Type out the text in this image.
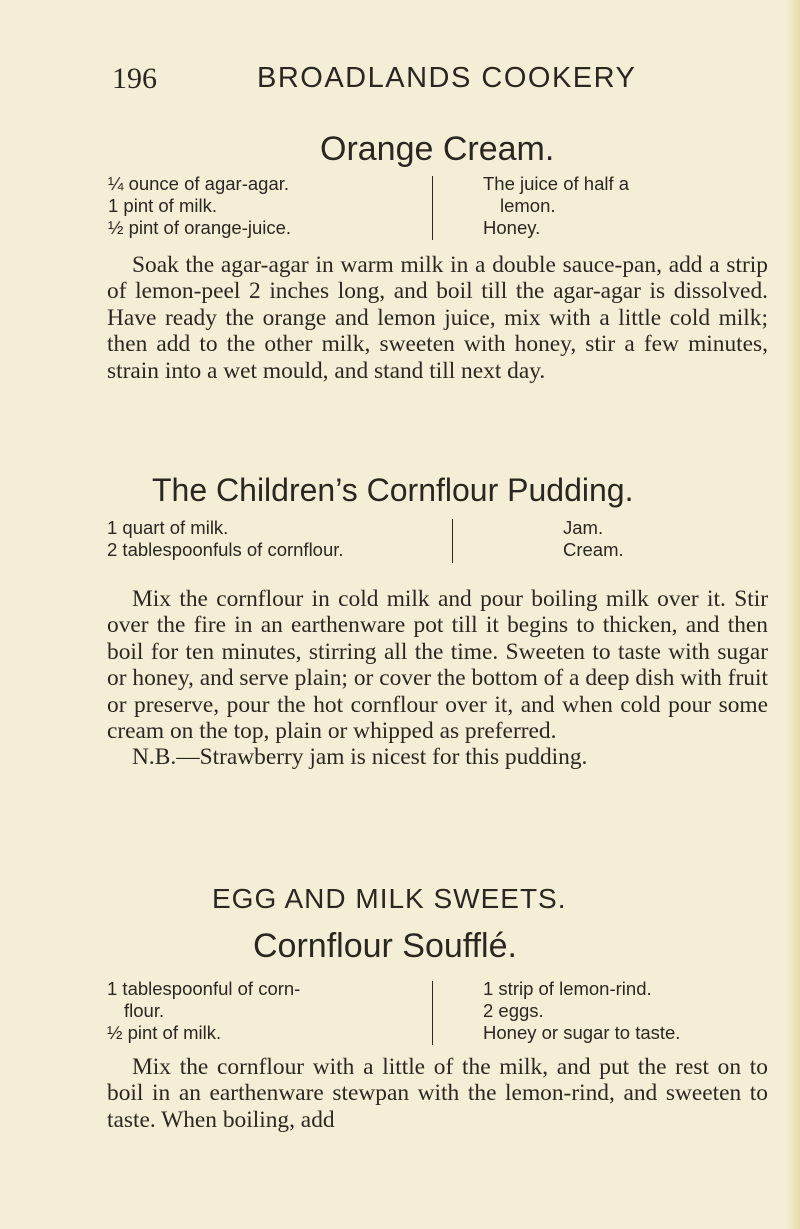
196	BROADLANDS COOKERY
Orange Cream.
¼ ounce of agar-agar.
1 pint of milk.
½ pint of orange-juice.
The juice of half a
lemon.
Honey.

Soak the agar-agar in warm milk in a double sauce-pan, add a strip of lemon-peel 2 inches long, and boil till the agar-agar is dissolved. Have ready the orange and lemon juice, mix with a little cold milk; then add to the other milk, sweeten with honey, stir a few minutes, strain into a wet mould, and stand till next day.

The Children’s Cornflour Pudding.
1 quart of milk.
2 tablespoonfuls of cornflour.
Jam.
Cream.

Mix the cornflour in cold milk and pour boiling milk over it. Stir over the fire in an earthenware pot till it begins to thicken, and then boil for ten minutes, stirring all the time. Sweeten to taste with sugar or honey, and serve plain; or cover the bottom of a deep dish with fruit or preserve, pour the hot cornflour over it, and when cold pour some cream on the top, plain or whipped as preferred.

N.B.—Strawberry jam is nicest for this pudding.

EGG AND MILK SWEETS.
Cornflour Soufflé.
1 tablespoonful of corn-
flour.
½ pint of milk.
1 strip of lemon-rind.
2 eggs.
Honey or sugar to taste.

Mix the cornflour with a little of the milk, and put the rest on to boil in an earthenware stewpan with the lemon-rind, and sweeten to taste. When boiling, add
